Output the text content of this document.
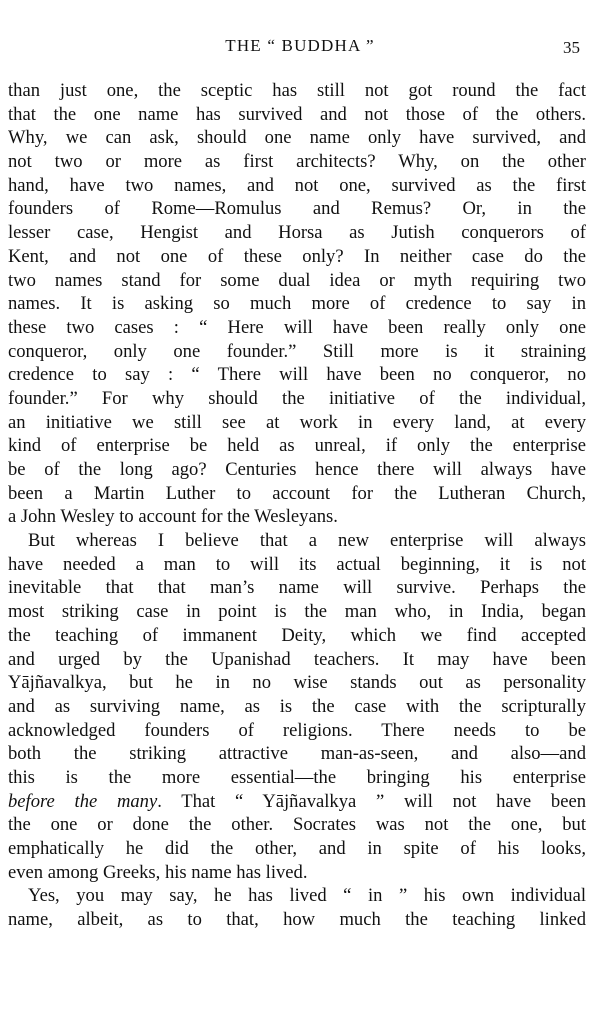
THE “ BUDDHA ”	35
than just one, the sceptic has still not got round the fact
that the one name has survived and not those of the others.
Why, we can ask, should one name only have survived, and
not two or more as first architects? Why, on the other
hand, have two names, and not one, survived as the first
founders of Rome—Romulus and Remus? Or, in the
lesser case, Hengist and Horsa as Jutish conquerors of
Kent, and not one of these only? In neither case do the
two names stand for some dual idea or myth requiring two
names. It is asking so much more of credence to say in
these two cases : “ Here will have been really only one
conqueror, only one founder.” Still more is it straining
credence to say : “ There will have been no conqueror, no
founder.” For why should the initiative of the individual,
an initiative we still see at work in every land, at every
kind of enterprise be held as unreal, if only the enterprise
be of the long ago? Centuries hence there will always have
been a Martin Luther to account for the Lutheran Church,
a John Wesley to account for the Wesleyans.
But whereas I believe that a new enterprise will always
have needed a man to will its actual beginning, it is not
inevitable that that man’s name will survive. Perhaps the
most striking case in point is the man who, in India, began
the teaching of immanent Deity, which we find accepted
and urged by the Upanishad teachers. It may have been
Yājñavalkya, but he in no wise stands out as personality
and as surviving name, as is the case with the scripturally
acknowledged founders of religions. There needs to be
both the striking attractive man-as-seen, and also—and
this is the more essential—the bringing his enterprise
before the many. That “ Yājñavalkya ” will not have been
the one or done the other. Socrates was not the one, but
emphatically he did the other, and in spite of his looks,
even among Greeks, his name has lived.
Yes, you may say, he has lived “ in ” his own individual
name, albeit, as to that, how much the teaching linked
